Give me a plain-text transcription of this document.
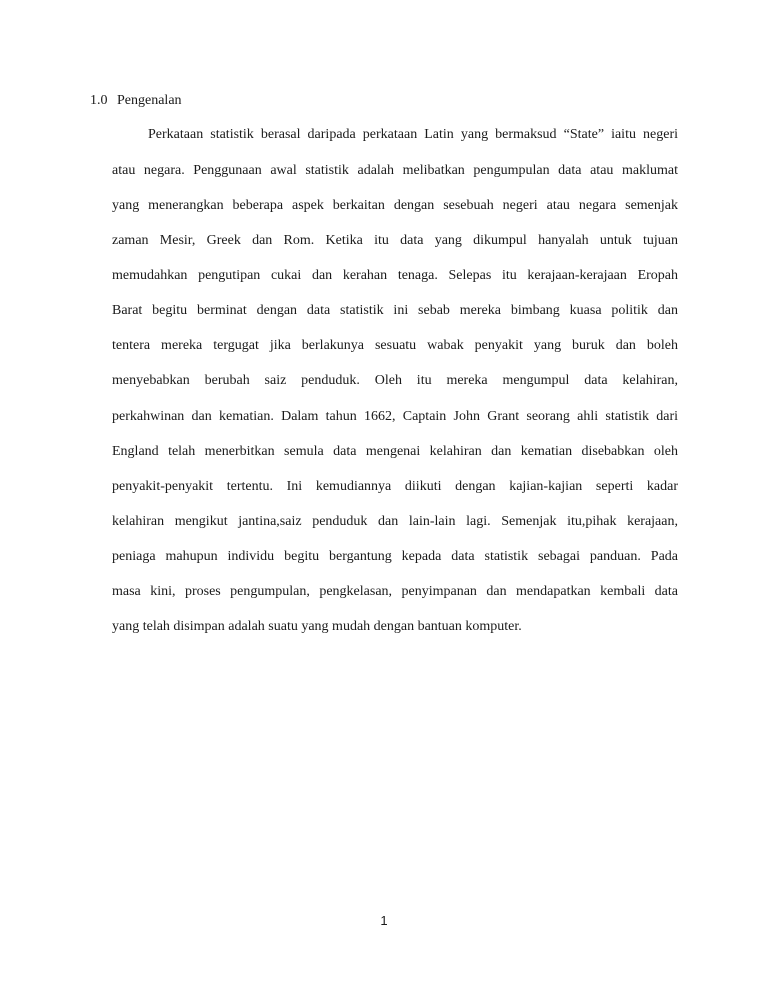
1.0 Pengenalan
Perkataan statistik berasal daripada perkataan Latin yang bermaksud “State” iaitu negeri
atau negara. Penggunaan awal statistik adalah melibatkan pengumpulan data atau maklumat
yang menerangkan beberapa aspek berkaitan dengan sesebuah negeri atau negara semenjak
zaman Mesir, Greek dan Rom. Ketika itu data yang dikumpul hanyalah untuk tujuan
memudahkan pengutipan cukai dan kerahan tenaga. Selepas itu kerajaan-kerajaan Eropah
Barat begitu berminat dengan data statistik ini sebab mereka bimbang kuasa politik dan
tentera mereka tergugat jika berlakunya sesuatu wabak penyakit yang buruk dan boleh
menyebabkan berubah saiz penduduk. Oleh itu mereka mengumpul data kelahiran,
perkahwinan dan kematian. Dalam tahun 1662, Captain John Grant seorang ahli statistik dari
England telah menerbitkan semula data mengenai kelahiran dan kematian disebabkan oleh
penyakit-penyakit tertentu. Ini kemudiannya diikuti dengan kajian-kajian seperti kadar
kelahiran mengikut jantina,saiz penduduk dan lain-lain lagi. Semenjak itu,pihak kerajaan,
peniaga mahupun individu begitu bergantung kepada data statistik sebagai panduan. Pada
masa kini, proses pengumpulan, pengkelasan, penyimpanan dan mendapatkan kembali data
yang telah disimpan adalah suatu yang mudah dengan bantuan komputer.
1
